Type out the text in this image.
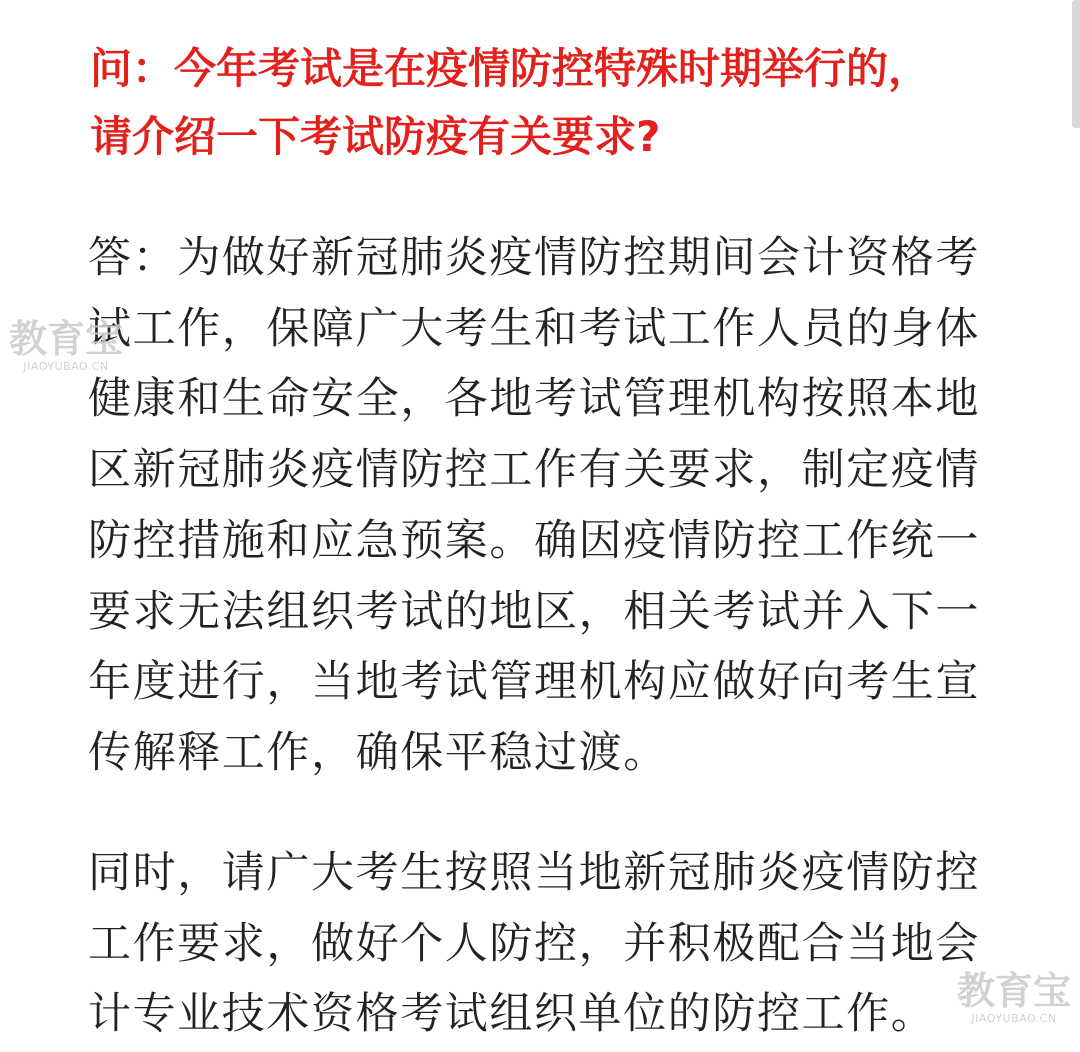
问：今年考试是在疫情防控特殊时期举行的，
请介绍一下考试防疫有关要求?
答：为做好新冠肺炎疫情防控期间会计资格考
试工作，保障广大考生和考试工作人员的身体
健康和生命安全，各地考试管理机构按照本地
区新冠肺炎疫情防控工作有关要求，制定疫情
防控措施和应急预案。确因疫情防控工作统一
要求无法组织考试的地区，相关考试并入下一
年度进行，当地考试管理机构应做好向考生宣
传解释工作，确保平稳过渡。
同时，请广大考生按照当地新冠肺炎疫情防控
工作要求，做好个人防控，并积极配合当地会
计专业技术资格考试组织单位的防控工作。
教育宝
JIAOYUBAO.CN
教育宝
JIAOYUBAO.CN
